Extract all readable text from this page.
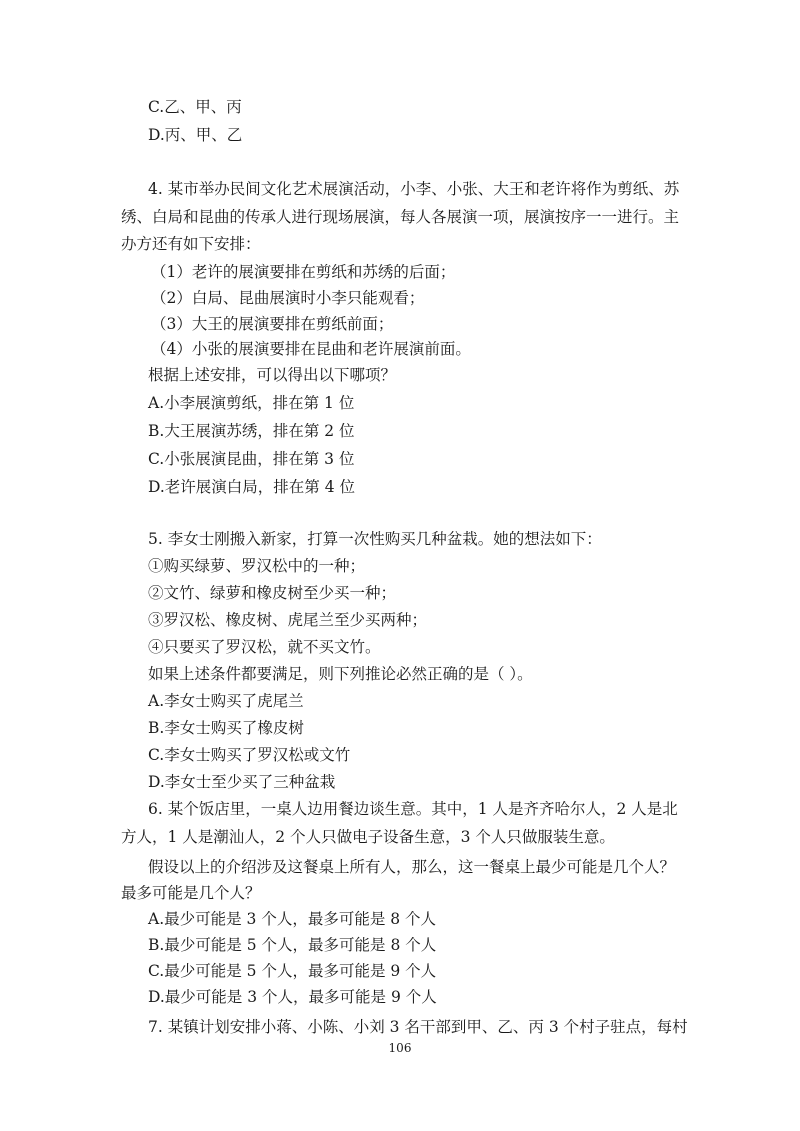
C.乙、甲、丙
D.丙、甲、乙
4. 某市举办民间文化艺术展演活动，小李、小张、大王和老许将作为剪纸、苏
绣、白局和昆曲的传承人进行现场展演，每人各展演一项，展演按序一一进行。主
办方还有如下安排：
（1）老许的展演要排在剪纸和苏绣的后面；
（2）白局、昆曲展演时小李只能观看；
（3）大王的展演要排在剪纸前面；
（4）小张的展演要排在昆曲和老许展演前面。
根据上述安排，可以得出以下哪项？
A.小李展演剪纸，排在第 1 位
B.大王展演苏绣，排在第 2 位
C.小张展演昆曲，排在第 3 位
D.老许展演白局，排在第 4 位
5. 李女士刚搬入新家，打算一次性购买几种盆栽。她的想法如下：
①购买绿萝、罗汉松中的一种；
②文竹、绿萝和橡皮树至少买一种；
③罗汉松、橡皮树、虎尾兰至少买两种；
④只要买了罗汉松，就不买文竹。
如果上述条件都要满足，则下列推论必然正确的是（ ）。
A.李女士购买了虎尾兰
B.李女士购买了橡皮树
C.李女士购买了罗汉松或文竹
D.李女士至少买了三种盆栽
6. 某个饭店里，一桌人边用餐边谈生意。其中，1 人是齐齐哈尔人，2 人是北
方人，1 人是潮汕人，2 个人只做电子设备生意，3 个人只做服装生意。
假设以上的介绍涉及这餐桌上所有人，那么，这一餐桌上最少可能是几个人？
最多可能是几个人？
A.最少可能是 3 个人，最多可能是 8 个人
B.最少可能是 5 个人，最多可能是 8 个人
C.最少可能是 5 个人，最多可能是 9 个人
D.最少可能是 3 个人，最多可能是 9 个人
7. 某镇计划安排小蒋、小陈、小刘 3 名干部到甲、乙、丙 3 个村子驻点，每村
106
